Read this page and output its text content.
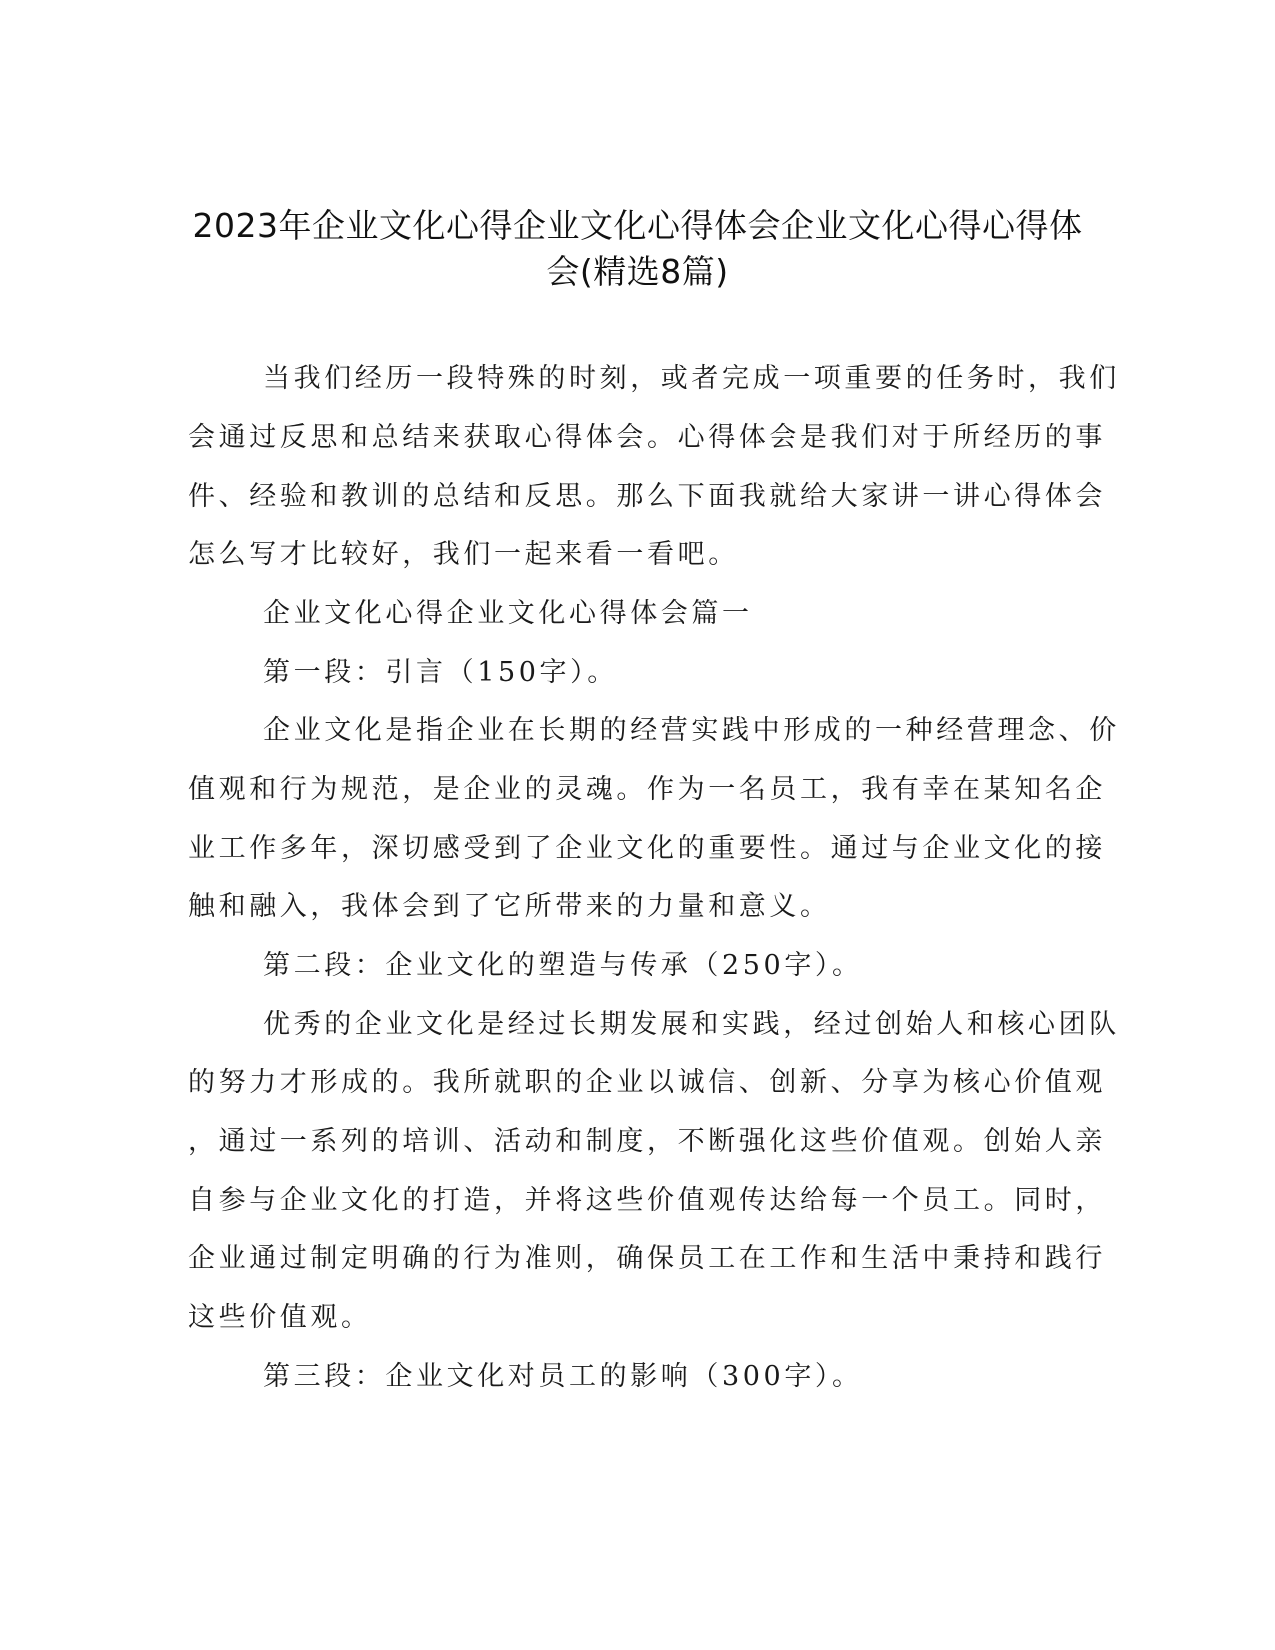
2023年企业文化心得企业文化心得体会企业文化心得心得体
会(精选8篇)
当我们经历一段特殊的时刻，或者完成一项重要的任务时，我们
会通过反思和总结来获取心得体会。心得体会是我们对于所经历的事
件、经验和教训的总结和反思。那么下面我就给大家讲一讲心得体会
怎么写才比较好，我们一起来看一看吧。
企业文化心得企业文化心得体会篇一
第一段：引言（150字）。
企业文化是指企业在长期的经营实践中形成的一种经营理念、价
值观和行为规范，是企业的灵魂。作为一名员工，我有幸在某知名企
业工作多年，深切感受到了企业文化的重要性。通过与企业文化的接
触和融入，我体会到了它所带来的力量和意义。
第二段：企业文化的塑造与传承（250字）。
优秀的企业文化是经过长期发展和实践，经过创始人和核心团队
的努力才形成的。我所就职的企业以诚信、创新、分享为核心价值观
，通过一系列的培训、活动和制度，不断强化这些价值观。创始人亲
自参与企业文化的打造，并将这些价值观传达给每一个员工。同时，
企业通过制定明确的行为准则，确保员工在工作和生活中秉持和践行
这些价值观。
第三段：企业文化对员工的影响（300字）。
